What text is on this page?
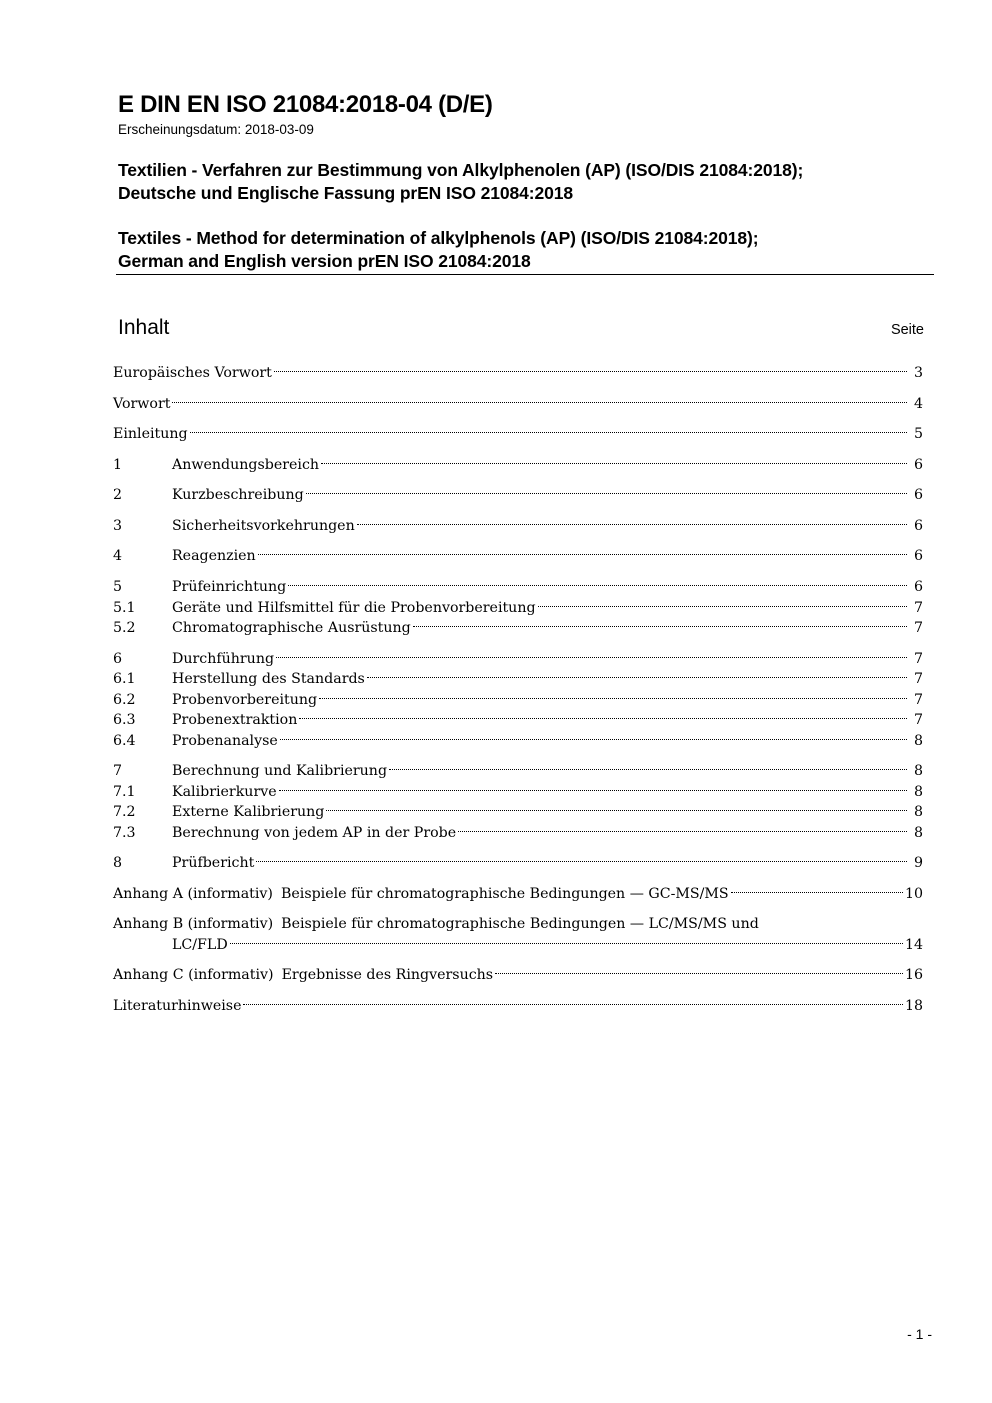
E DIN EN ISO 21084:2018-04 (D/E)
Erscheinungsdatum: 2018-03-09
Textilien - Verfahren zur Bestimmung von Alkylphenolen (AP) (ISO/DIS 21084:2018);
Deutsche und Englische Fassung prEN ISO 21084:2018
Textiles - Method for determination of alkylphenols (AP) (ISO/DIS 21084:2018);
German and English version prEN ISO 21084:2018
Inhalt	Seite
Europäisches Vorwort	3
Vorwort	4
Einleitung	5
1	Anwendungsbereich	6
2	Kurzbeschreibung	6
3	Sicherheitsvorkehrungen	6
4	Reagenzien	6
5	Prüfeinrichtung	6
5.1	Geräte und Hilfsmittel für die Probenvorbereitung	7
5.2	Chromatographische Ausrüstung	7
6	Durchführung	7
6.1	Herstellung des Standards	7
6.2	Probenvorbereitung	7
6.3	Probenextraktion	7
6.4	Probenanalyse	8
7	Berechnung und Kalibrierung	8
7.1	Kalibrierkurve	8
7.2	Externe Kalibrierung	8
7.3	Berechnung von jedem AP in der Probe	8
8	Prüfbericht	9
Anhang A (informativ) Beispiele für chromatographische Bedingungen — GC-MS/MS	10
Anhang B (informativ) Beispiele für chromatographische Bedingungen — LC/MS/MS und
LC/FLD	14
Anhang C (informativ) Ergebnisse des Ringversuchs	16
Literaturhinweise	18
- 1 -
